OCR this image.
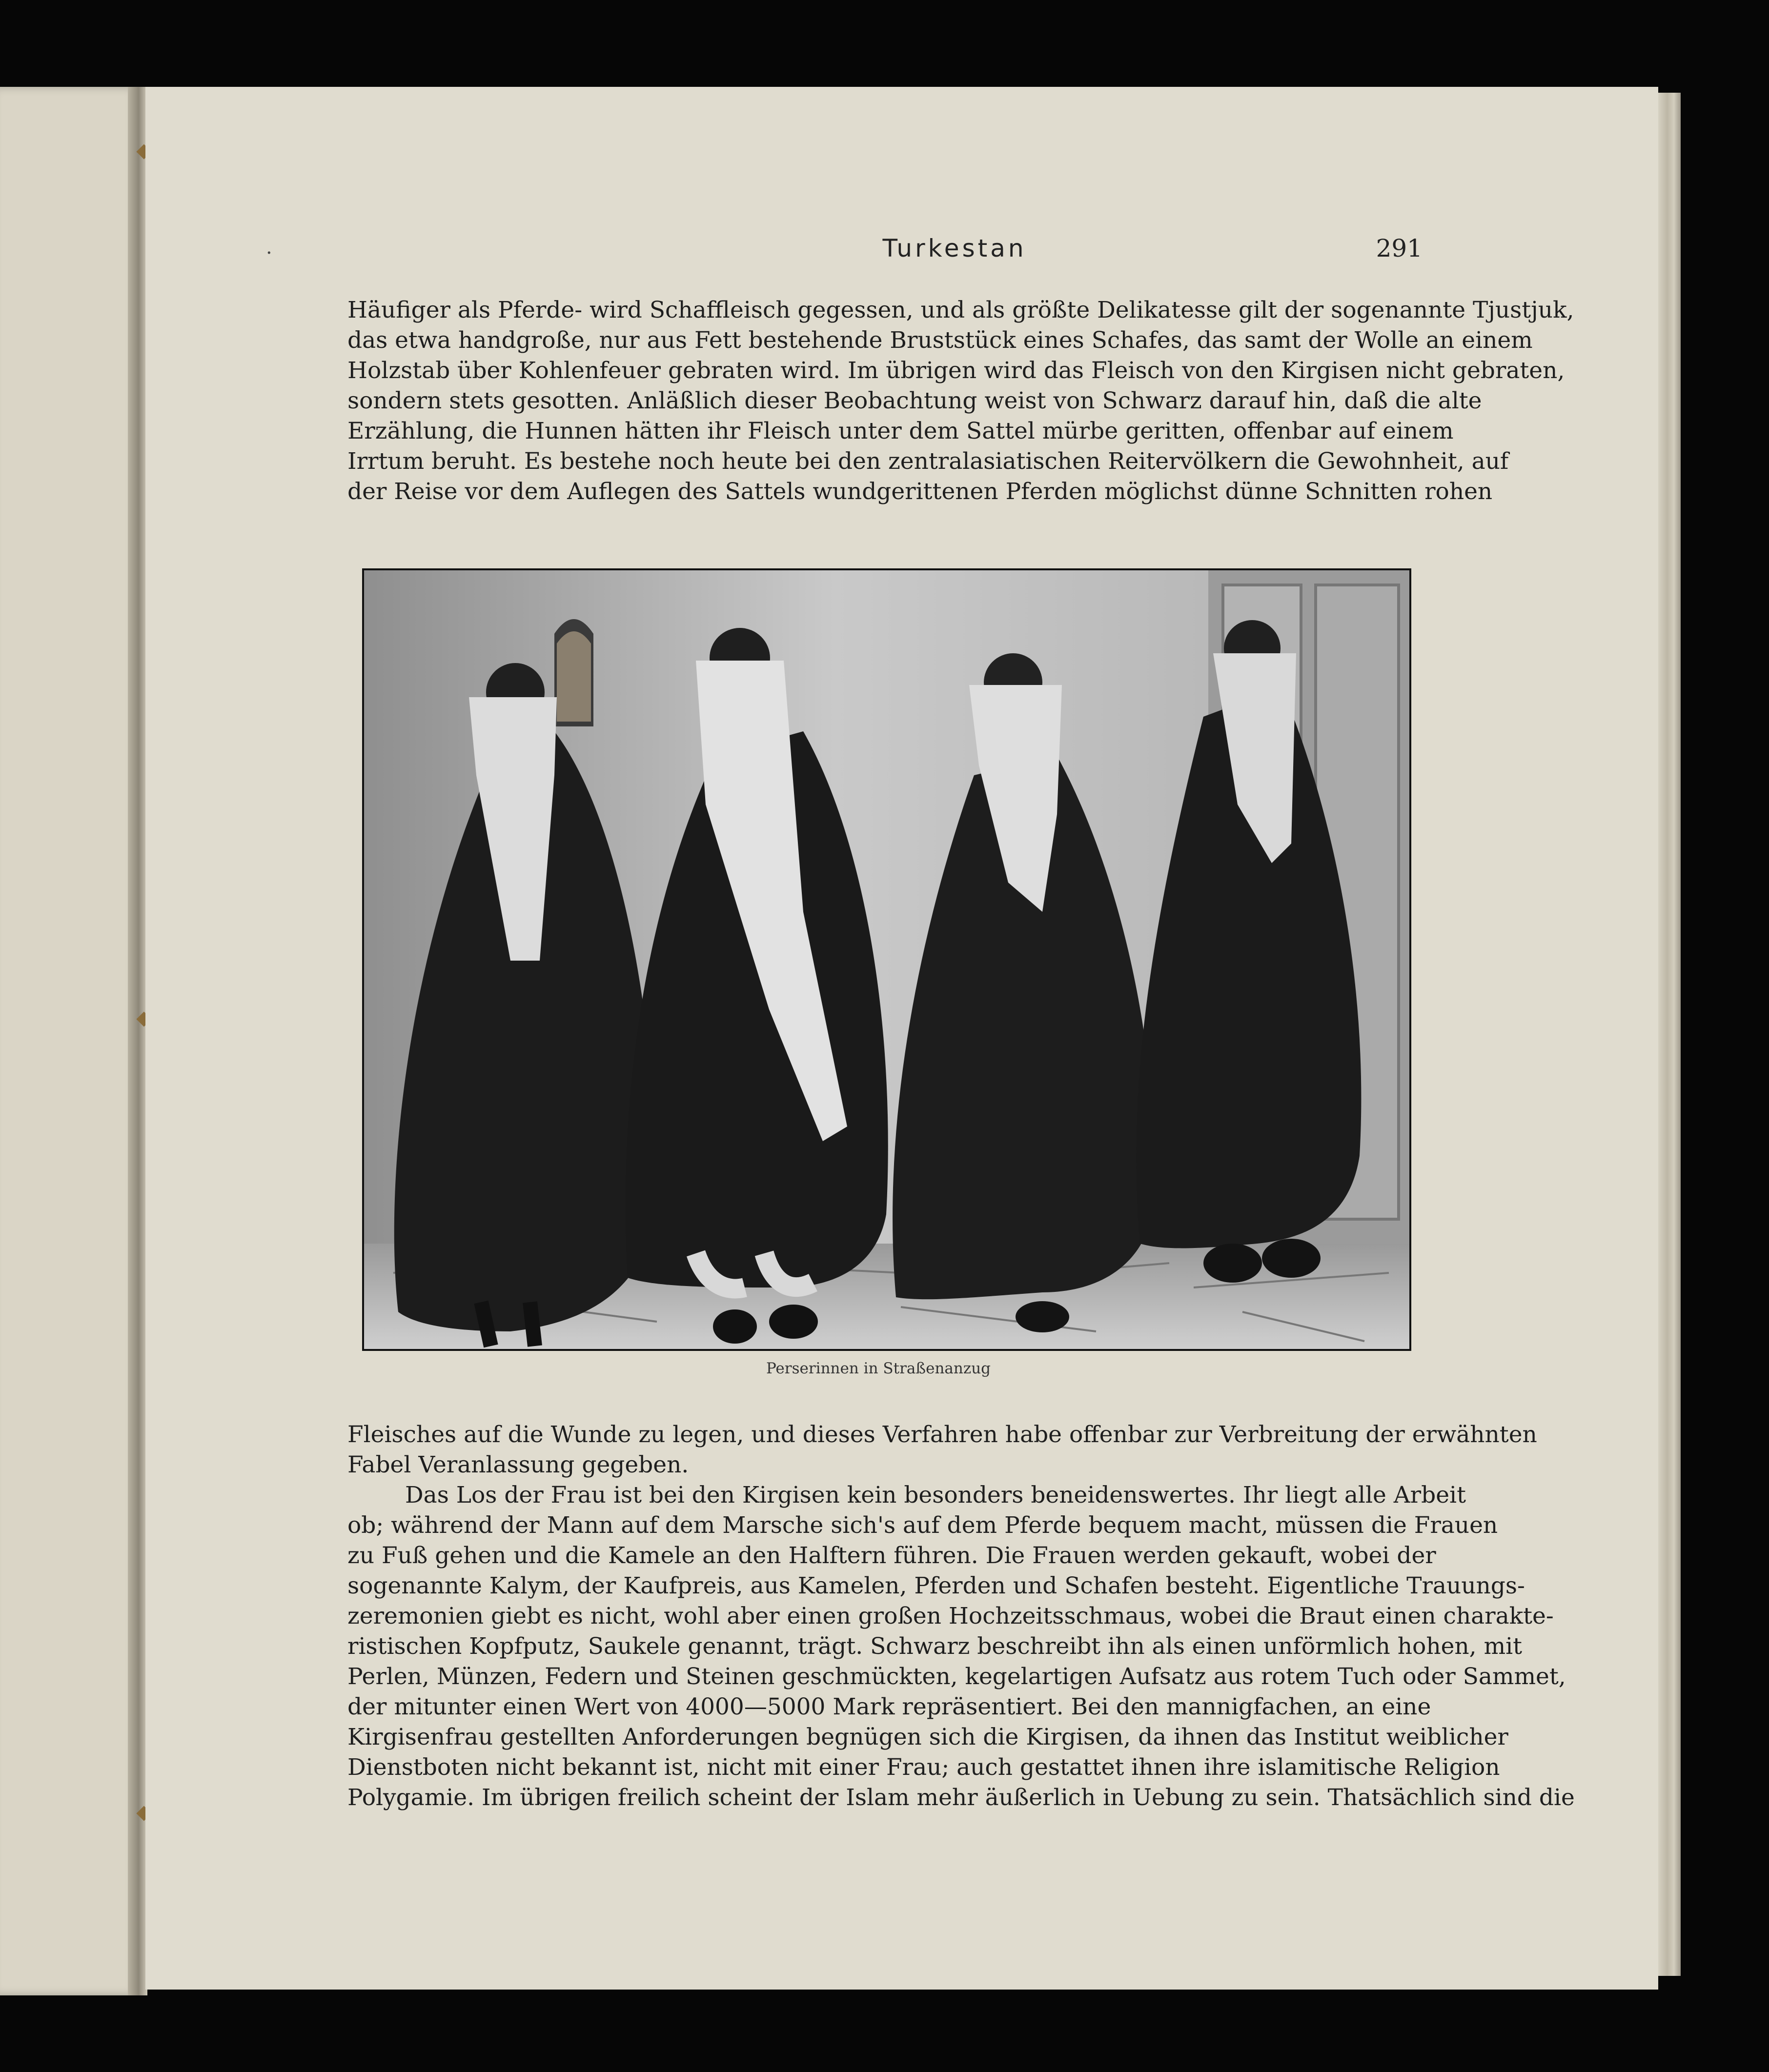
·	Turkestan	291
Häufiger als Pferde- wird Schaffleisch gegessen, und als größte Delikatesse gilt der sogenannte Tjustjuk,
das etwa handgroße, nur aus Fett bestehende Bruststück eines Schafes, das samt der Wolle an einem
Holzstab über Kohlenfeuer gebraten wird. Im übrigen wird das Fleisch von den Kirgisen nicht gebraten,
sondern stets gesotten. Anläßlich dieser Beobachtung weist von Schwarz darauf hin, daß die alte
Erzählung, die Hunnen hätten ihr Fleisch unter dem Sattel mürbe geritten, offenbar auf einem
Irrtum beruht. Es bestehe noch heute bei den zentralasiatischen Reitervölkern die Gewohnheit, auf
der Reise vor dem Auflegen des Sattels wundgerittenen Pferden möglichst dünne Schnitten rohen
Perserinnen in Straßenanzug
Fleisches auf die Wunde zu legen, und dieses Verfahren habe offenbar zur Verbreitung der erwähnten
Fabel Veranlassung gegeben.
Das Los der Frau ist bei den Kirgisen kein besonders beneidenswertes. Ihr liegt alle Arbeit
ob; während der Mann auf dem Marsche sich's auf dem Pferde bequem macht, müssen die Frauen
zu Fuß gehen und die Kamele an den Halftern führen. Die Frauen werden gekauft, wobei der
sogenannte Kalym, der Kaufpreis, aus Kamelen, Pferden und Schafen besteht. Eigentliche Trauungs-
zeremonien giebt es nicht, wohl aber einen großen Hochzeitsschmaus, wobei die Braut einen charakte-
ristischen Kopfputz, Saukele genannt, trägt. Schwarz beschreibt ihn als einen unförmlich hohen, mit
Perlen, Münzen, Federn und Steinen geschmückten, kegelartigen Aufsatz aus rotem Tuch oder Sammet,
der mitunter einen Wert von 4000—5000 Mark repräsentiert. Bei den mannigfachen, an eine
Kirgisenfrau gestellten Anforderungen begnügen sich die Kirgisen, da ihnen das Institut weiblicher
Dienstboten nicht bekannt ist, nicht mit einer Frau; auch gestattet ihnen ihre islamitische Religion
Polygamie. Im übrigen freilich scheint der Islam mehr äußerlich in Uebung zu sein. Thatsächlich sind die
